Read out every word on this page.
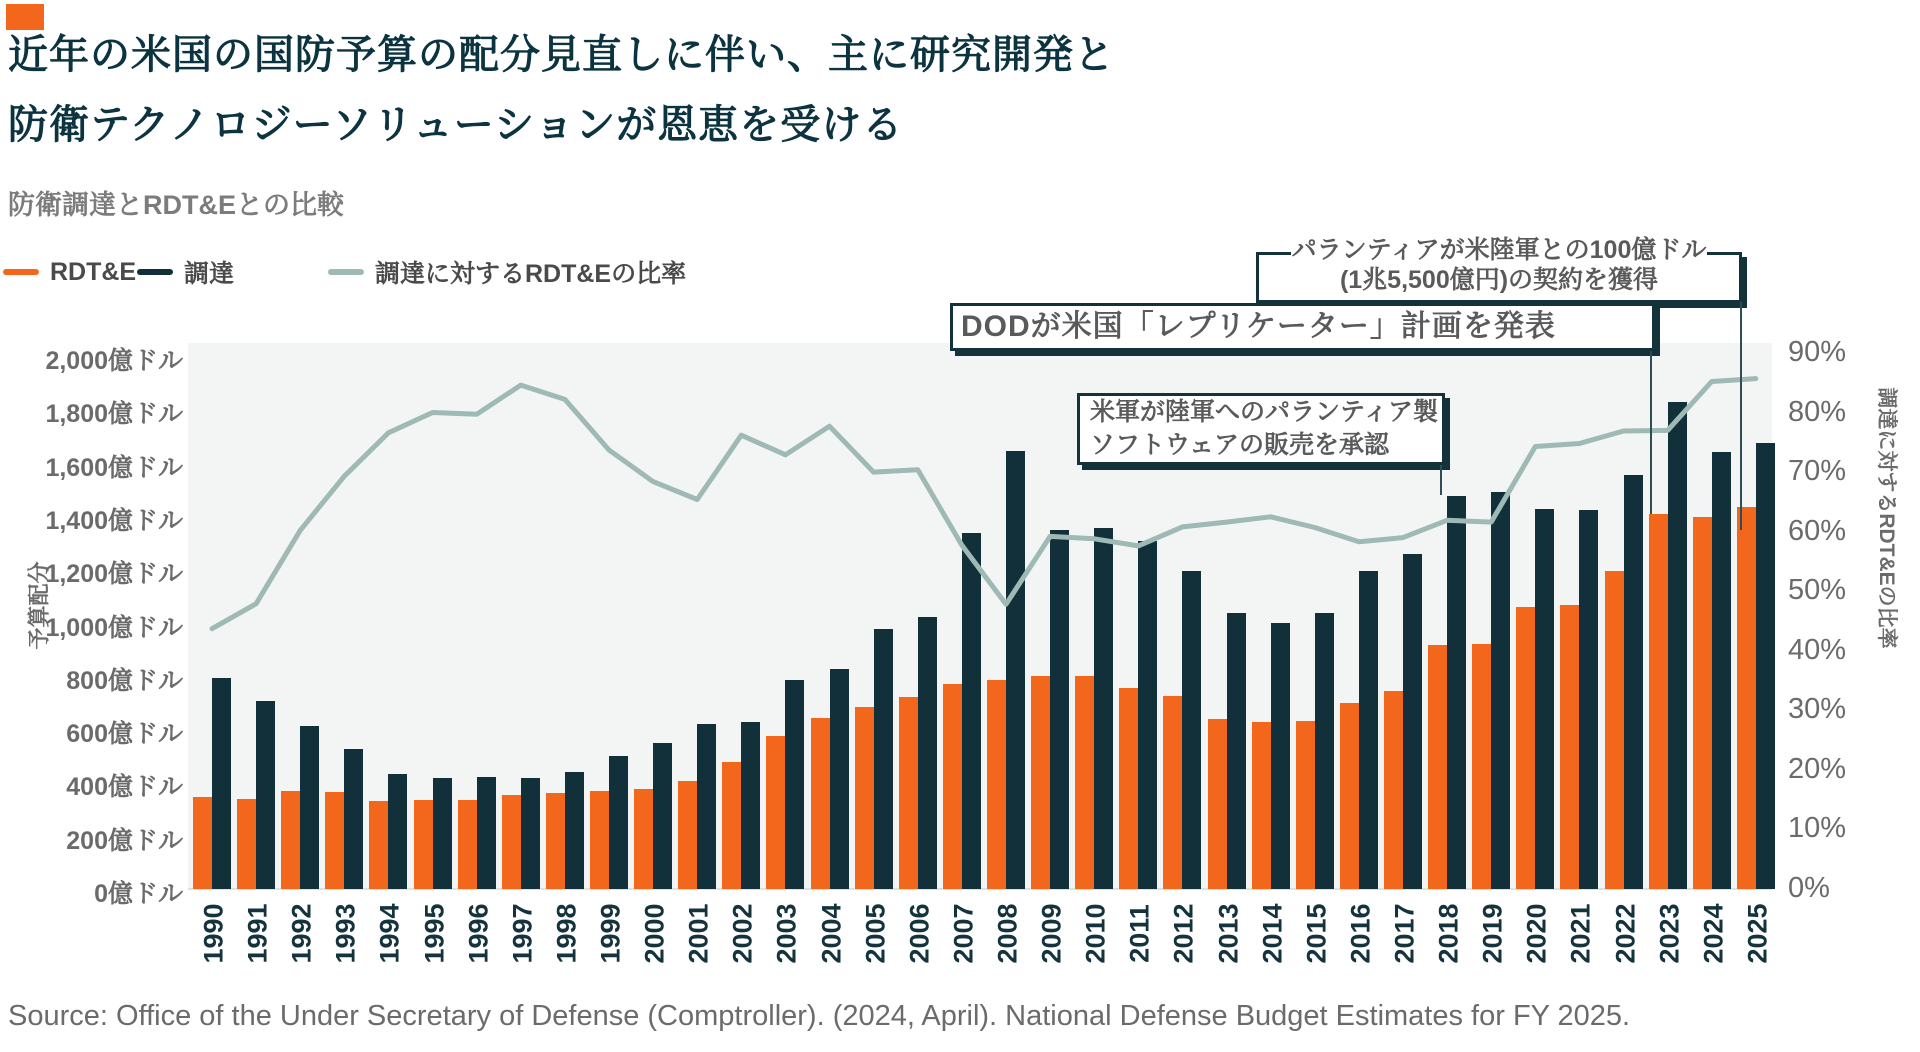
近年の米国の国防予算の配分見直しに伴い、主に研究開発と
防衛テクノロジーソリューションが恩恵を受ける
防衛調達とRDT&Eとの比較
RDT&E 調達	調達に対するRDT&Eの比率
予算配分	調達に対するRDT&Eの比率
0億ドル
200億ドル
400億ドル
600億ドル
800億ドル
1,000億ドル
1,200億ドル
1,400億ドル
1,600億ドル
1,800億ドル
2,000億ドル
0%
10%
20%
30%
40%
50%
60%
70%
80%
90%
1990 1991 1992 1993 1994 1995 1996 1997 1998 1999 2000 2001 2002 2003 2004 2005 2006 2007 2008 2009 2010 2011 2012 2013 2014 2015 2016 2017 2018 2019 2020 2021 2022 2023 2024 2025
パランティアが米陸軍との100億ドル
(1兆5,500億円)の契約を獲得
DODが米国「レプリケーター」計画を発表
米軍が陸軍へのパランティア製
ソフトウェアの販売を承認
Source: Office of the Under Secretary of Defense (Comptroller). (2024, April). National Defense Budget Estimates for FY 2025.
